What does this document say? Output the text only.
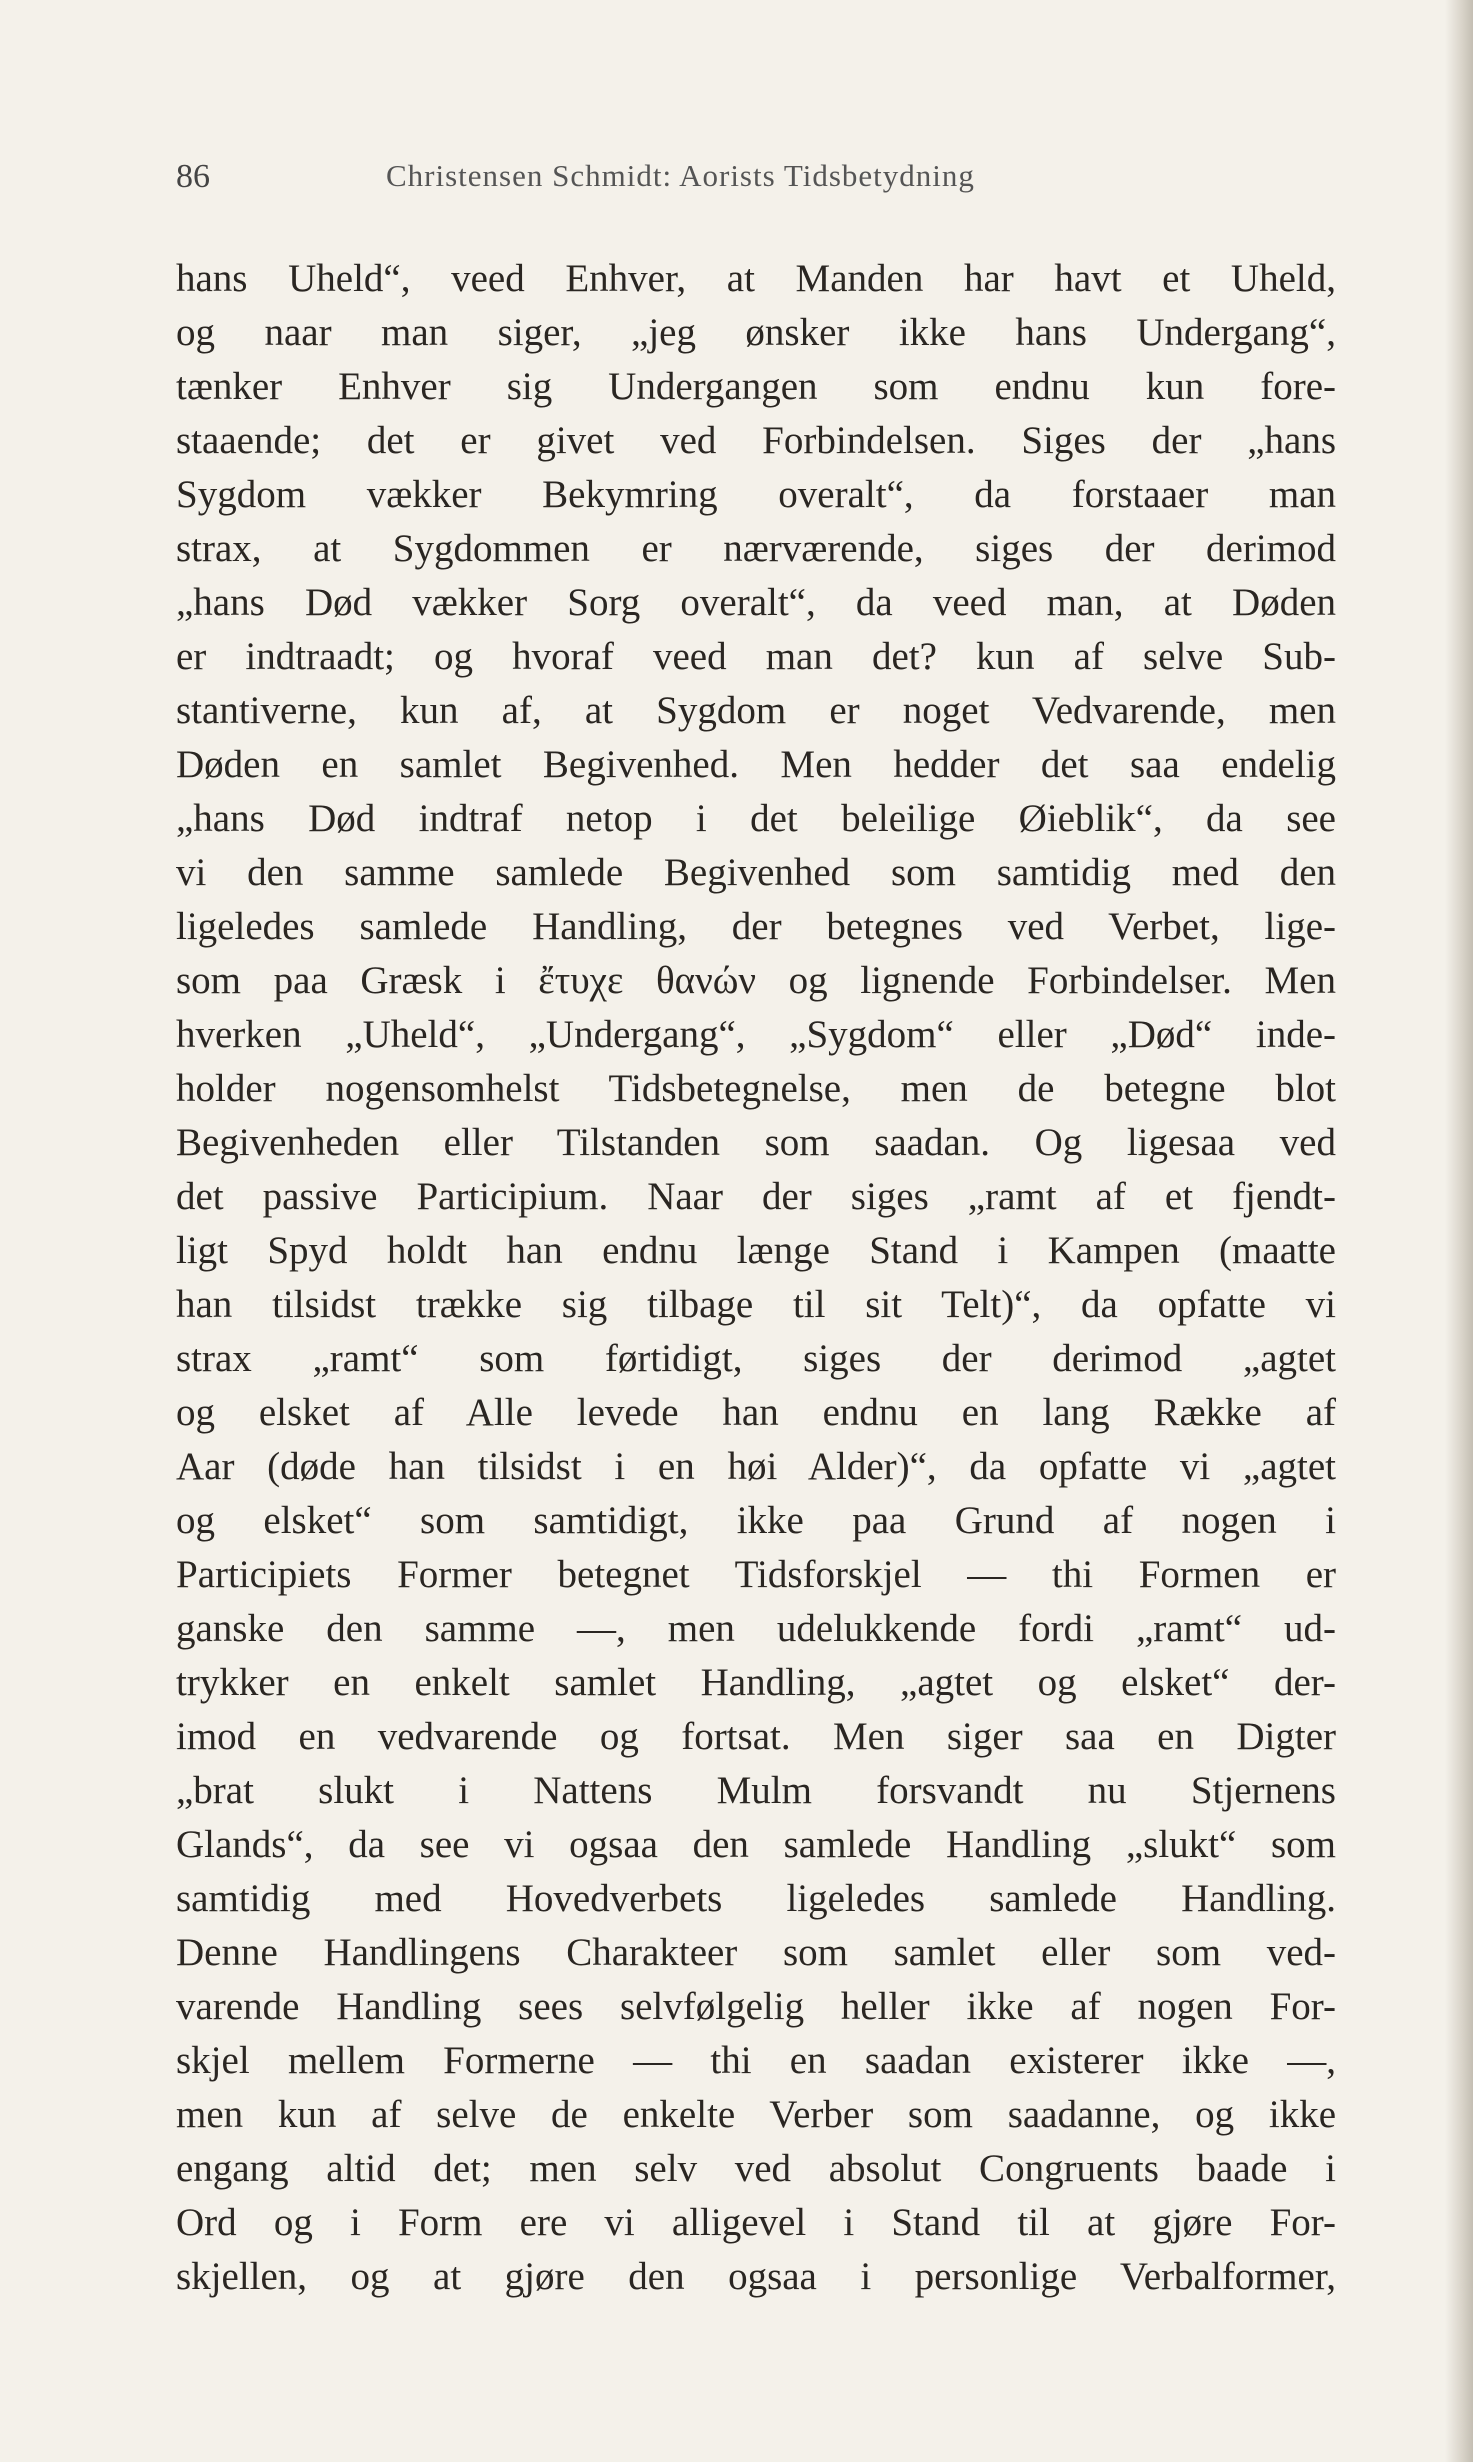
86	Christensen Schmidt: Aorists Tidsbetydning
hans Uheld“, veed Enhver, at Manden har havt et Uheld,
og naar man siger, „jeg ønsker ikke hans Undergang“,
tænker Enhver sig Undergangen som endnu kun fore-
staaende; det er givet ved Forbindelsen. Siges der „hans
Sygdom vækker Bekymring overalt“, da forstaaer man
strax, at Sygdommen er nærværende, siges der derimod
„hans Død vækker Sorg overalt“, da veed man, at Døden
er indtraadt; og hvoraf veed man det? kun af selve Sub-
stantiverne, kun af, at Sygdom er noget Vedvarende, men
Døden en samlet Begivenhed. Men hedder det saa endelig
„hans Død indtraf netop i det beleilige Øieblik“, da see
vi den samme samlede Begivenhed som samtidig med den
ligeledes samlede Handling, der betegnes ved Verbet, lige-
som paa Græsk i ἔτυχε θανών og lignende Forbindelser. Men
hverken „Uheld“, „Undergang“, „Sygdom“ eller „Død“ inde-
holder nogensomhelst Tidsbetegnelse, men de betegne blot
Begivenheden eller Tilstanden som saadan. Og ligesaa ved
det passive Participium. Naar der siges „ramt af et fjendt-
ligt Spyd holdt han endnu længe Stand i Kampen (maatte
han tilsidst trække sig tilbage til sit Telt)“, da opfatte vi
strax „ramt“ som førtidigt, siges der derimod „agtet
og elsket af Alle levede han endnu en lang Række af
Aar (døde han tilsidst i en høi Alder)“, da opfatte vi „agtet
og elsket“ som samtidigt, ikke paa Grund af nogen i
Participiets Former betegnet Tidsforskjel — thi Formen er
ganske den samme —, men udelukkende fordi „ramt“ ud-
trykker en enkelt samlet Handling, „agtet og elsket“ der-
imod en vedvarende og fortsat. Men siger saa en Digter
„brat slukt i Nattens Mulm forsvandt nu Stjernens
Glands“, da see vi ogsaa den samlede Handling „slukt“ som
samtidig med Hovedverbets ligeledes samlede Handling.
Denne Handlingens Charakteer som samlet eller som ved-
varende Handling sees selvfølgelig heller ikke af nogen For-
skjel mellem Formerne — thi en saadan existerer ikke —,
men kun af selve de enkelte Verber som saadanne, og ikke
engang altid det; men selv ved absolut Congruents baade i
Ord og i Form ere vi alligevel i Stand til at gjøre For-
skjellen, og at gjøre den ogsaa i personlige Verbalformer,
